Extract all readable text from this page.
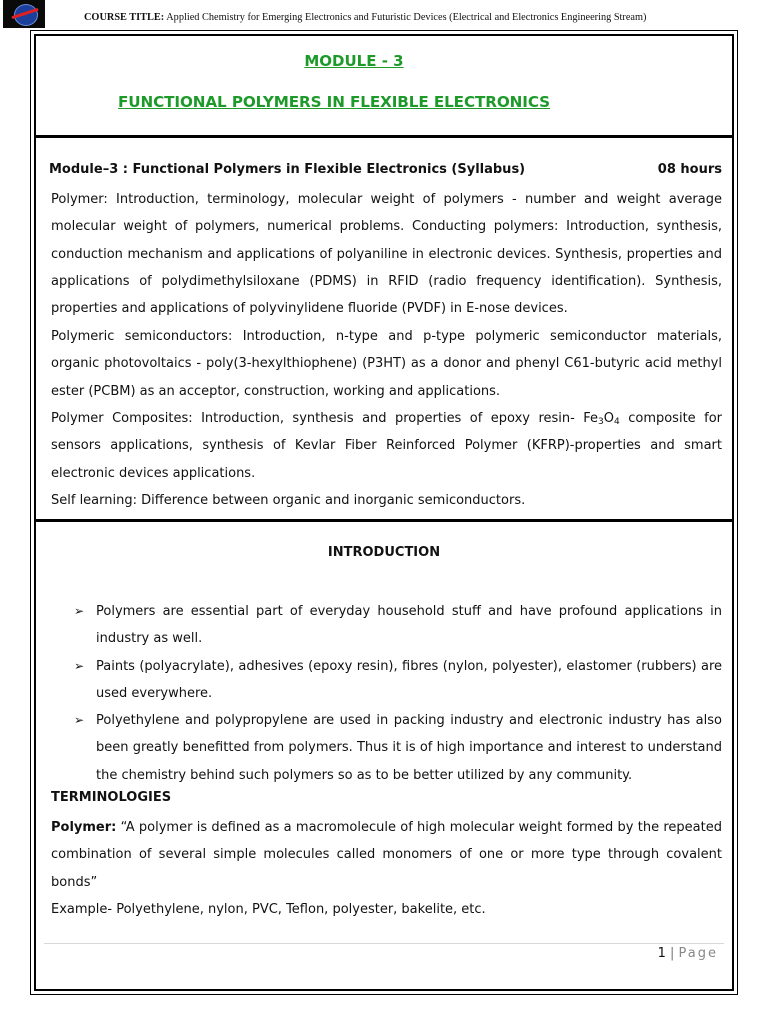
COURSE TITLE: Applied Chemistry for Emerging Electronics and Futuristic Devices (Electrical and Electronics Engineering Stream)
MODULE - 3
FUNCTIONAL POLYMERS IN FLEXIBLE ELECTRONICS
Module–3 : Functional Polymers in Flexible Electronics (Syllabus)	08 hours
Polymer: Introduction, terminology, molecular weight of polymers - number and weight average molecular weight of polymers, numerical problems. Conducting polymers: Introduction, synthesis, conduction mechanism and applications of polyaniline in electronic devices. Synthesis, properties and applications of polydimethylsiloxane (PDMS) in RFID (radio frequency identification). Synthesis, properties and applications of polyvinylidene fluoride (PVDF) in E-nose devices.
Polymeric semiconductors: Introduction, n-type and p-type polymeric semiconductor materials, organic photovoltaics - poly(3-hexylthiophene) (P3HT) as a donor and phenyl C61-butyric acid methyl ester (PCBM) as an acceptor, construction, working and applications.
Polymer Composites: Introduction, synthesis and properties of epoxy resin- $Fe_3O_4$ composite for sensors applications, synthesis of Kevlar Fiber Reinforced Polymer (KFRP)-properties and smart electronic devices applications.
Self learning: Difference between organic and inorganic semiconductors.
INTRODUCTION
➢ Polymers are essential part of everyday household stuff and have profound applications in industry as well.
➢ Paints (polyacrylate), adhesives (epoxy resin), fibres (nylon, polyester), elastomer (rubbers) are used everywhere.
➢ Polyethylene and polypropylene are used in packing industry and electronic industry has also been greatly benefitted from polymers. Thus it is of high importance and interest to understand the chemistry behind such polymers so as to be better utilized by any community.
TERMINOLOGIES
Polymer: “A polymer is defined as a macromolecule of high molecular weight formed by the repeated combination of several simple molecules called monomers of one or more type through covalent bonds”
Example- Polyethylene, nylon, PVC, Teflon, polyester, bakelite, etc.
1 | Page
